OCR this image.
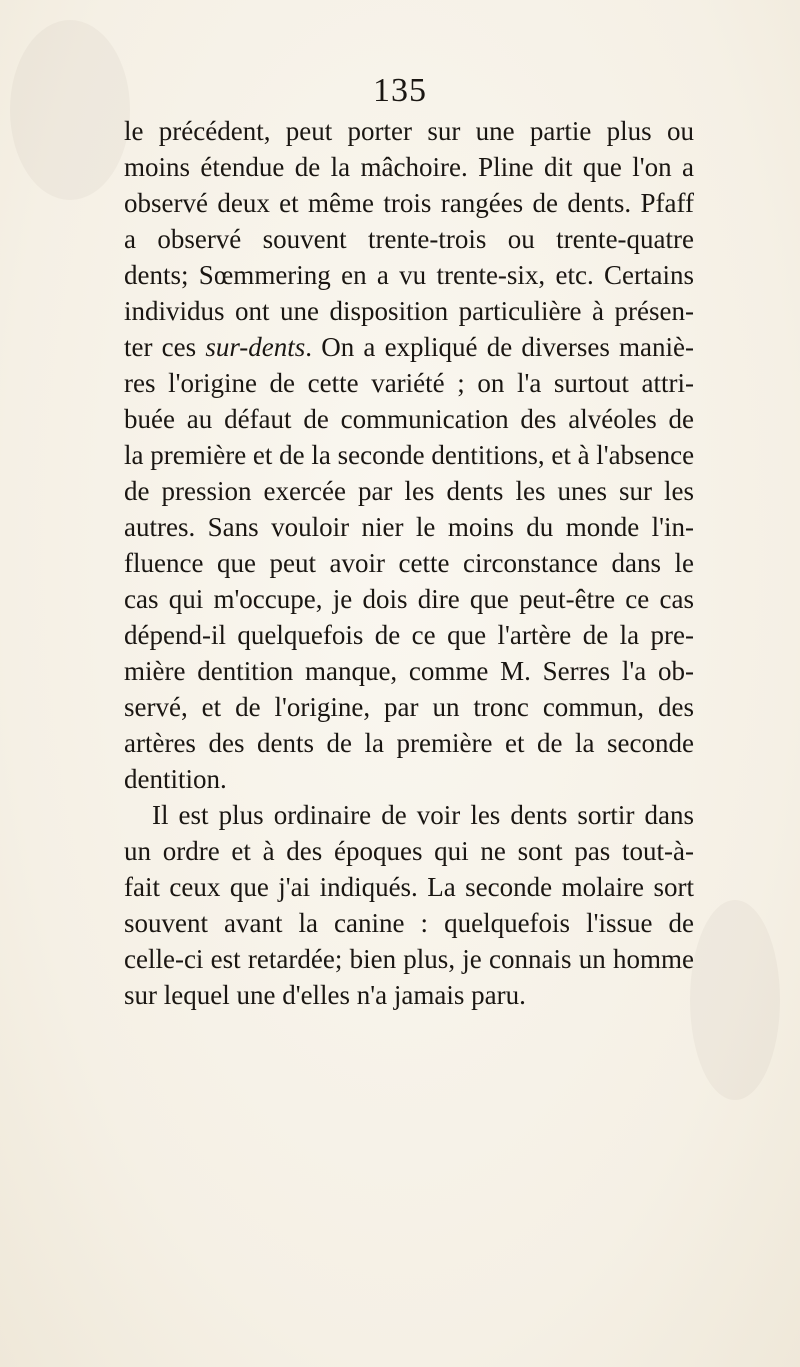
135
le précédent, peut porter sur une partie plus ou
moins étendue de la mâchoire. Pline dit que l'on a
observé deux et même trois rangées de dents. Pfaff
a observé souvent trente-trois ou trente-quatre
dents; Sœmmering en a vu trente-six, etc. Certains
individus ont une disposition particulière à présen-
ter ces sur-dents. On a expliqué de diverses maniè-
res l'origine de cette variété ; on l'a surtout attri-
buée au défaut de communication des alvéoles de
la première et de la seconde dentitions, et à l'absence
de pression exercée par les dents les unes sur les
autres. Sans vouloir nier le moins du monde l'in-
fluence que peut avoir cette circonstance dans le
cas qui m'occupe, je dois dire que peut-être ce cas
dépend-il quelquefois de ce que l'artère de la pre-
mière dentition manque, comme M. Serres l'a ob-
servé, et de l'origine, par un tronc commun, des
artères des dents de la première et de la seconde
dentition.
Il est plus ordinaire de voir les dents sortir dans
un ordre et à des époques qui ne sont pas tout-à-
fait ceux que j'ai indiqués. La seconde molaire sort
souvent avant la canine : quelquefois l'issue de
celle-ci est retardée; bien plus, je connais un homme
sur lequel une d'elles n'a jamais paru.
